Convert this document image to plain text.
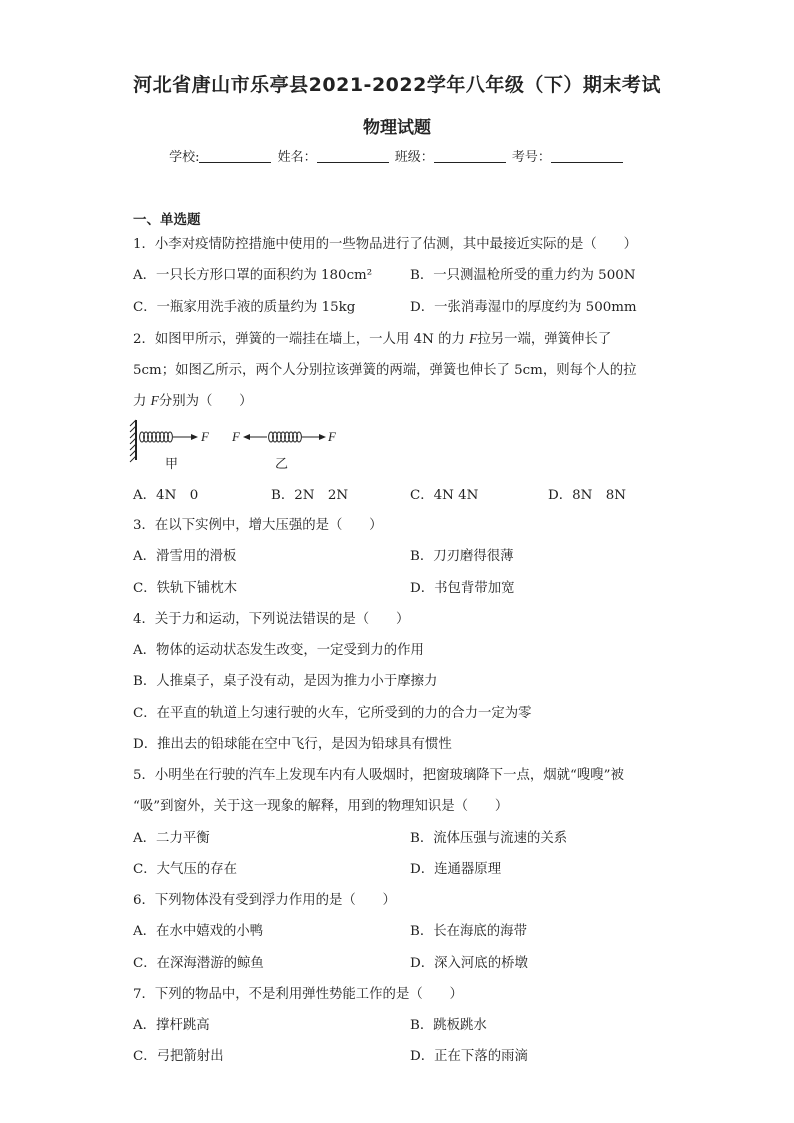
河北省唐山市乐亭县2021-2022学年八年级（下）期末考试
物理试题
学校:	姓名：	班级：	考号：
一、单选题
1．小李对疫情防控措施中使用的一些物品进行了估测，其中最接近实际的是（　　）
A．一只长方形口罩的面积约为 180cm²	B．一只测温枪所受的重力约为 500N
C．一瓶家用洗手液的质量约为 15kg	D．一张消毒湿巾的厚度约为 500mm
2．如图甲所示，弹簧的一端挂在墙上，一人用 4N 的力 F拉另一端，弹簧伸长了
5cm；如图乙所示，两个人分别拉该弹簧的两端，弹簧也伸长了 5cm，则每个人的拉
力 F分别为（　　）
F F	F
甲	乙
A．4N　0	B．2N　2N	C．4N 4N	D．8N　8N
3．在以下实例中，增大压强的是（　　）
A．滑雪用的滑板	B．刀刃磨得很薄
C．铁轨下铺枕木	D．书包背带加宽
4．关于力和运动，下列说法错误的是（　　）
A．物体的运动状态发生改变，一定受到力的作用
B．人推桌子，桌子没有动，是因为推力小于摩擦力
C．在平直的轨道上匀速行驶的火车，它所受到的力的合力一定为零
D．推出去的铅球能在空中飞行，是因为铅球具有惯性
5．小明坐在行驶的汽车上发现车内有人吸烟时，把窗玻璃降下一点，烟就“嗖嗖”被
“吸”到窗外，关于这一现象的解释，用到的物理知识是（　　）
A．二力平衡	B．流体压强与流速的关系
C．大气压的存在	D．连通器原理
6．下列物体没有受到浮力作用的是（　　）
A．在水中嬉戏的小鸭	B．长在海底的海带
C．在深海潜游的鲸鱼	D．深入河底的桥墩
7．下列的物品中，不是利用弹性势能工作的是（　　）
A．撑杆跳高	B．跳板跳水
C．弓把箭射出	D．正在下落的雨滴
